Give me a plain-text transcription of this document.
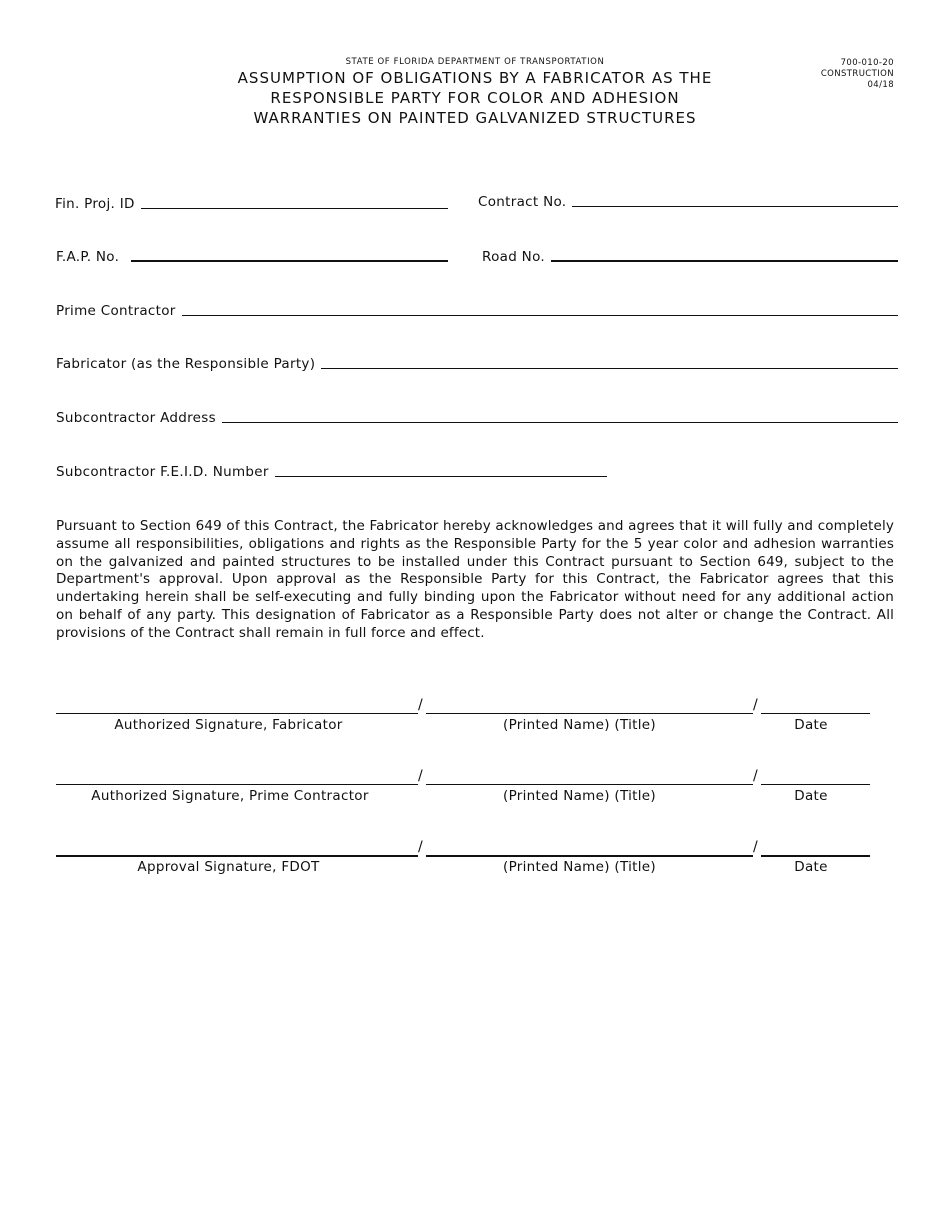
STATE OF FLORIDA DEPARTMENT OF TRANSPORTATION	700-010-20
CONSTRUCTION
04/18
ASSUMPTION OF OBLIGATIONS BY A FABRICATOR AS THE
RESPONSIBLE PARTY FOR COLOR AND ADHESION
WARRANTIES ON PAINTED GALVANIZED STRUCTURES
Fin. Proj. ID	Contract No.
F.A.P. No.	Road No.
Prime Contractor
Fabricator (as the Responsible Party)
Subcontractor Address
Subcontractor F.E.I.D. Number
Pursuant to Section 649 of this Contract, the Fabricator hereby acknowledges and agrees that it will fully and completely assume all responsibilities, obligations and rights as the Responsible Party for the 5 year color and adhesion warranties on the galvanized and painted structures to be installed under this Contract pursuant to Section 649, subject to the Department's approval. Upon approval as the Responsible Party for this Contract, the Fabricator agrees that this undertaking herein shall be self-executing and fully binding upon the Fabricator without need for any additional action on behalf of any party. This designation of Fabricator as a Responsible Party does not alter or change the Contract. All provisions of the Contract shall remain in full force and effect.
/	/
Authorized Signature, Fabricator	(Printed Name) (Title)	Date
/	/
Authorized Signature, Prime Contractor	(Printed Name) (Title)	Date
/	/
Approval Signature, FDOT	(Printed Name) (Title)	Date
